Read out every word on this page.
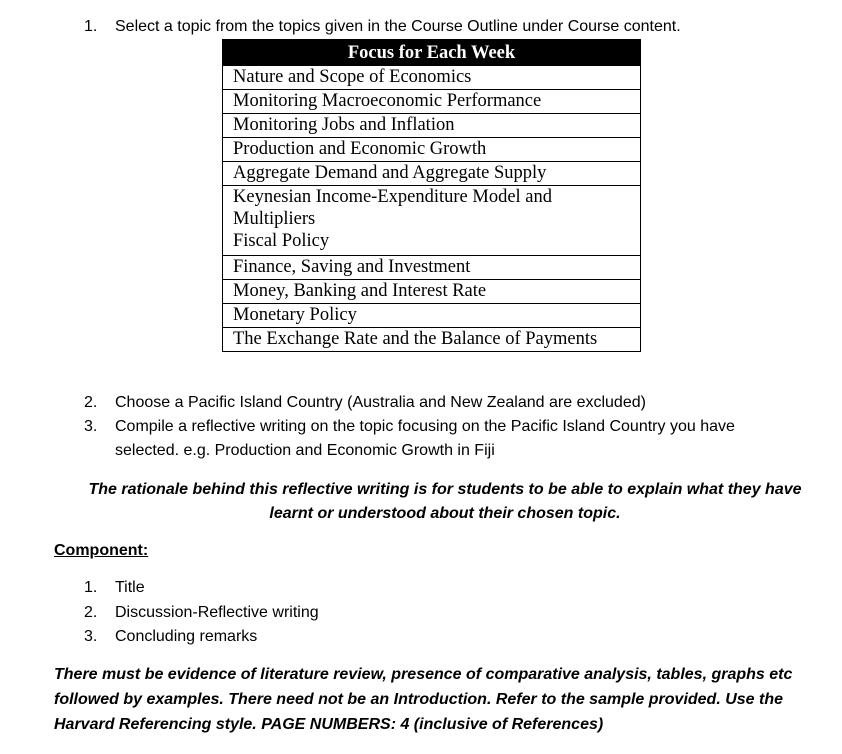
1. Select a topic from the topics given in the Course Outline under Course content.
Focus for Each Week
Nature and Scope of Economics
Monitoring Macroeconomic Performance
Monitoring Jobs and Inflation
Production and Economic Growth
Aggregate Demand and Aggregate Supply

Keynesian Income-Expenditure Model and
Multipliers
Fiscal Policy

Finance, Saving and Investment
Money, Banking and Interest Rate
Monetary Policy
The Exchange Rate and the Balance of Payments
2. Choose a Pacific Island Country (Australia and New Zealand are excluded)
3. Compile a reflective writing on the topic focusing on the Pacific Island Country you have
selected. e.g. Production and Economic Growth in Fiji
The rationale behind this reflective writing is for students to be able to explain what they have
learnt or understood about their chosen topic.
Component:
1. Title
2. Discussion-Reflective writing
3. Concluding remarks
There must be evidence of literature review, presence of comparative analysis, tables, graphs etc
followed by examples. There need not be an Introduction. Refer to the sample provided. Use the
Harvard Referencing style. PAGE NUMBERS: 4 (inclusive of References)
